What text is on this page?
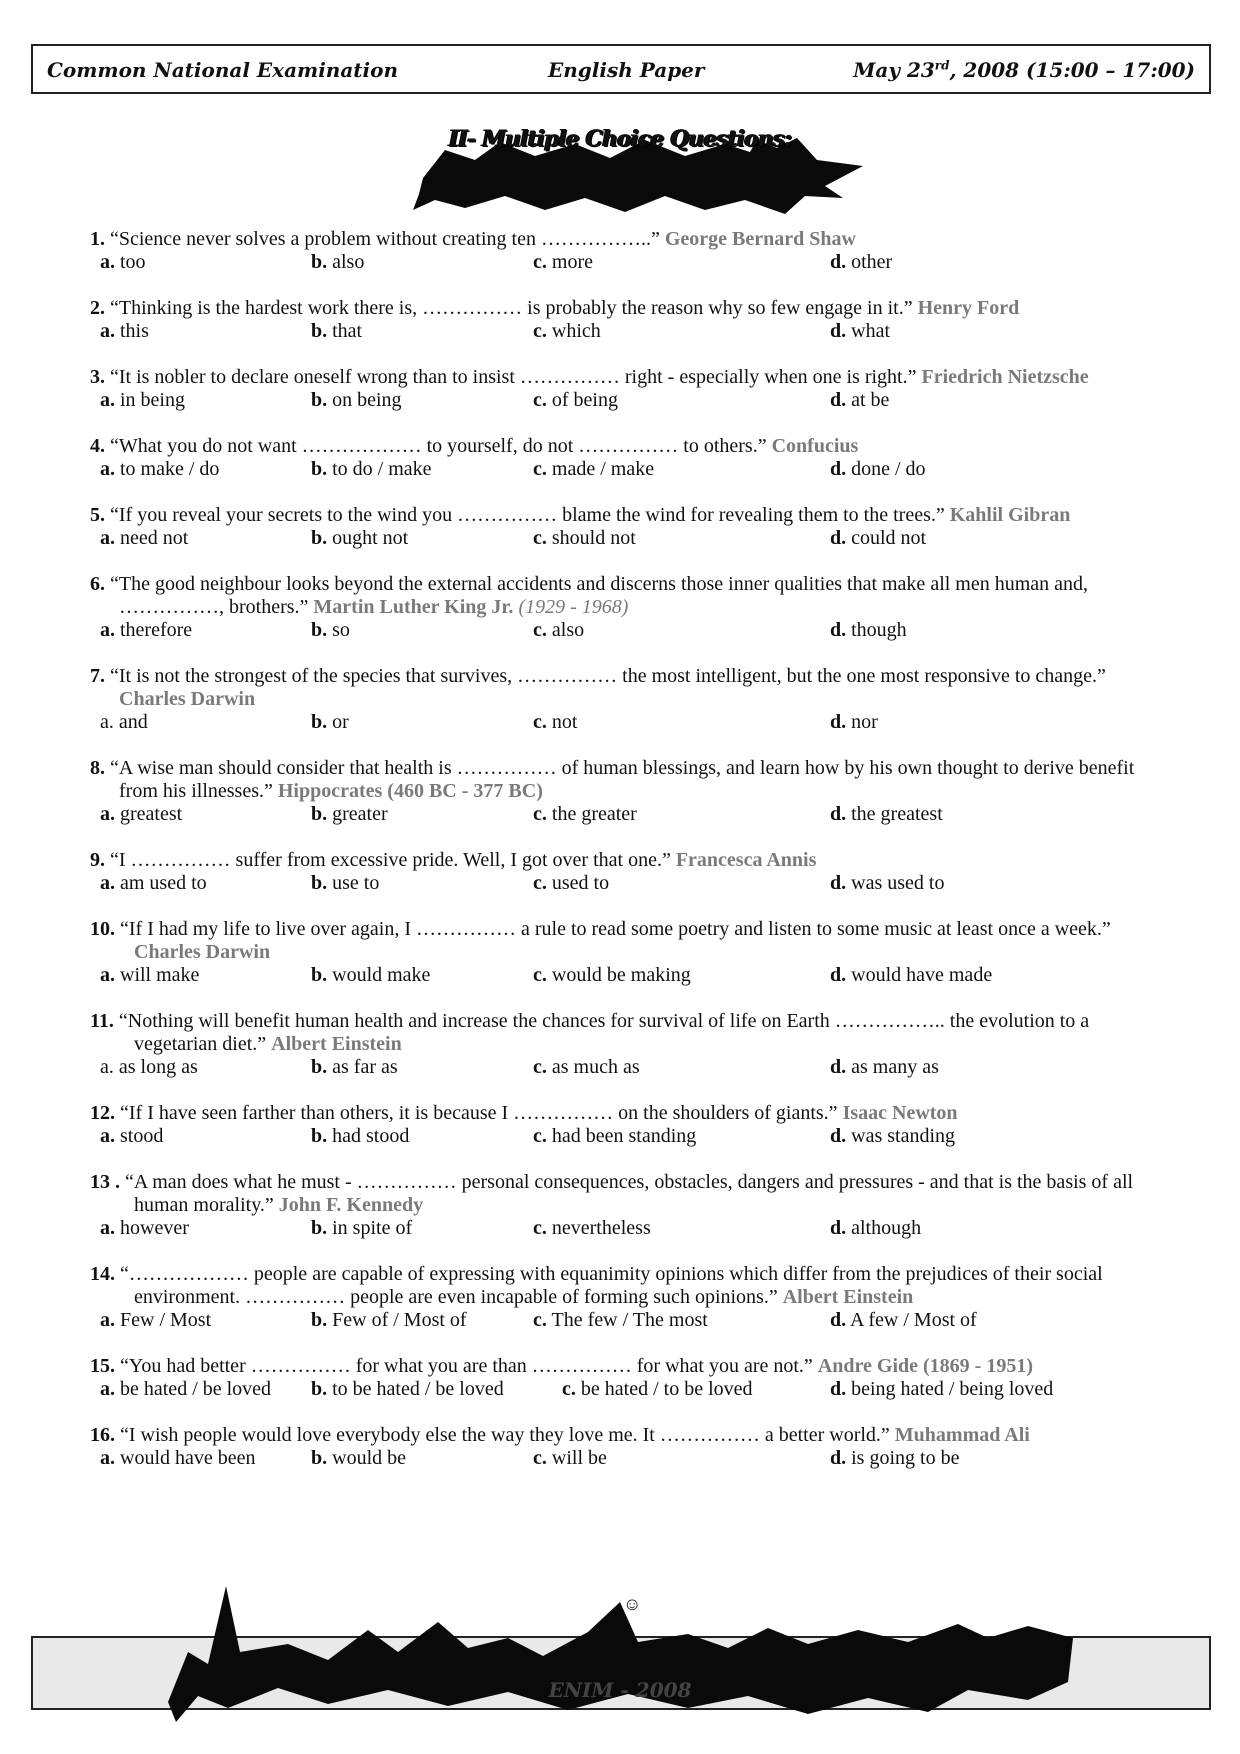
Common National Examination	English Paper	May 23rd, 2008 (15:00 – 17:00)
II- Multiple Choice Questions:
1. “Science never solves a problem without creating ten ……………..” George Bernard Shaw
a. too	b. also	c. more	d. other
2. “Thinking is the hardest work there is, …………… is probably the reason why so few engage in it.” Henry Ford
a. this	b. that	c. which	d. what
3. “It is nobler to declare oneself wrong than to insist …………… right - especially when one is right.” Friedrich Nietzsche
a. in being	b. on being	c. of being	d. at be
4. “What you do not want ……………… to yourself, do not …………… to others.” Confucius
a. to make / do	b. to do / make	c. made / make	d. done / do
5. “If you reveal your secrets to the wind you …………… blame the wind for revealing them to the trees.” Kahlil Gibran
a. need not	b. ought not	c. should not	d. could not
6. “The good neighbour looks beyond the external accidents and discerns those inner qualities that make all men human and, ……………, brothers.” Martin Luther King Jr. (1929 - 1968)
a. therefore	b. so	c. also	d. though
7. “It is not the strongest of the species that survives, …………… the most intelligent, but the one most responsive to change.” Charles Darwin
a. and	b. or	c. not	d. nor
8. “A wise man should consider that health is …………… of human blessings, and learn how by his own thought to derive benefit from his illnesses.” Hippocrates (460 BC - 377 BC)
a. greatest	b. greater	c. the greater	d. the greatest
9. “I …………… suffer from excessive pride. Well, I got over that one.” Francesca Annis
a. am used to	b. use to	c. used to	d. was used to
10. “If I had my life to live over again, I …………… a rule to read some poetry and listen to some music at least once a week.” Charles Darwin
a. will make	b. would make	c. would be making	d. would have made
11. “Nothing will benefit human health and increase the chances for survival of life on Earth …………….. the evolution to a vegetarian diet.” Albert Einstein
a. as long as	b. as far as	c. as much as	d. as many as
12. “If I have seen farther than others, it is because I …………… on the shoulders of giants.” Isaac Newton
a. stood	b. had stood	c. had been standing	d. was standing
13 . “A man does what he must - …………… personal consequences, obstacles, dangers and pressures - and that is the basis of all human morality.” John F. Kennedy
a. however	b. in spite of	c. nevertheless	d. although
14. “……………… people are capable of expressing with equanimity opinions which differ from the prejudices of their social environment. …………… people are even incapable of forming such opinions.” Albert Einstein
a. Few / Most	b. Few of / Most of	c. The few / The most	d. A few / Most of
15. “You had better …………… for what you are than …………… for what you are not.” Andre Gide (1869 - 1951)
a. be hated / be loved b. to be hated / be loved	c. be hated / to be loved	d. being hated / being loved
16. “I wish people would love everybody else the way they love me. It …………… a better world.” Muhammad Ali
a. would have been	b. would be	c. will be	d. is going to be
☺
ENIM - 2008
